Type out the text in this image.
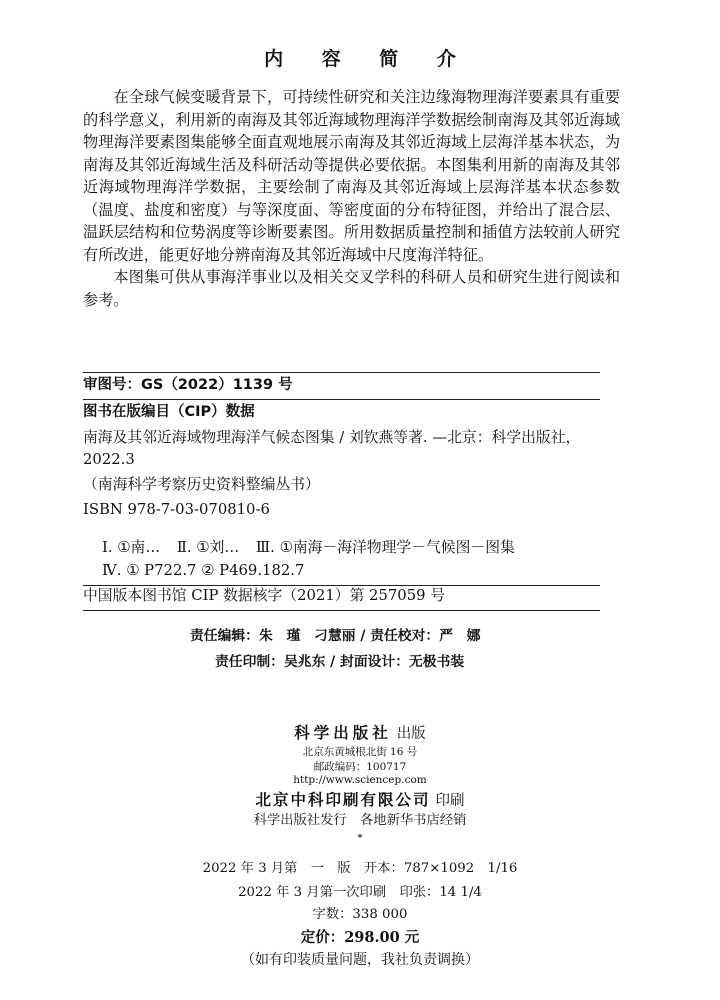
内 容 简 介

在全球气候变暖背景下，可持续性研究和关注边缘海物理海洋要素具有重要的科学意义，利用新的南海及其邻近海域物理海洋学数据绘制南海及其邻近海域物理海洋要素图集能够全面直观地展示南海及其邻近海域上层海洋基本状态，为南海及其邻近海域生活及科研活动等提供必要依据。本图集利用新的南海及其邻近海域物理海洋学数据，主要绘制了南海及其邻近海域上层海洋基本状态参数（温度、盐度和密度）与等深度面、等密度面的分布特征图，并给出了混合层、温跃层结构和位势涡度等诊断要素图。所用数据质量控制和插值方法较前人研究有所改进，能更好地分辨南海及其邻近海域中尺度海洋特征。

本图集可供从事海洋事业以及相关交叉学科的科研人员和研究生进行阅读和参考。

审图号：GS（2022）1139 号
图书在版编目（CIP）数据
南海及其邻近海域物理海洋气候态图集 / 刘钦燕等著. —北京：科学出版社，2022.3
（南海科学考察历史资料整编丛书）
ISBN 978-7-03-070810-6
Ⅰ. ①南… Ⅱ. ①刘… Ⅲ. ①南海－海洋物理学－气候图－图集
Ⅳ. ① P722.7 ② P469.182.7
中国版本图书馆 CIP 数据核字（2021）第 257059 号
责任编辑：朱　瑾　刁慧丽 / 责任校对：严　娜
责任印制：吴兆东 / 封面设计：无极书装
科学出版社 出版
北京东黄城根北街 16 号
邮政编码：100717
http://www.sciencep.com
北京中科印刷有限公司 印刷
科学出版社发行　各地新华书店经销
*
2022 年 3 月第　一　版　开本：787×1092　1/16
2022 年 3 月第一次印刷　印张：14 1/4
字数：338 000
定价：298.00 元
（如有印装质量问题，我社负责调换）
